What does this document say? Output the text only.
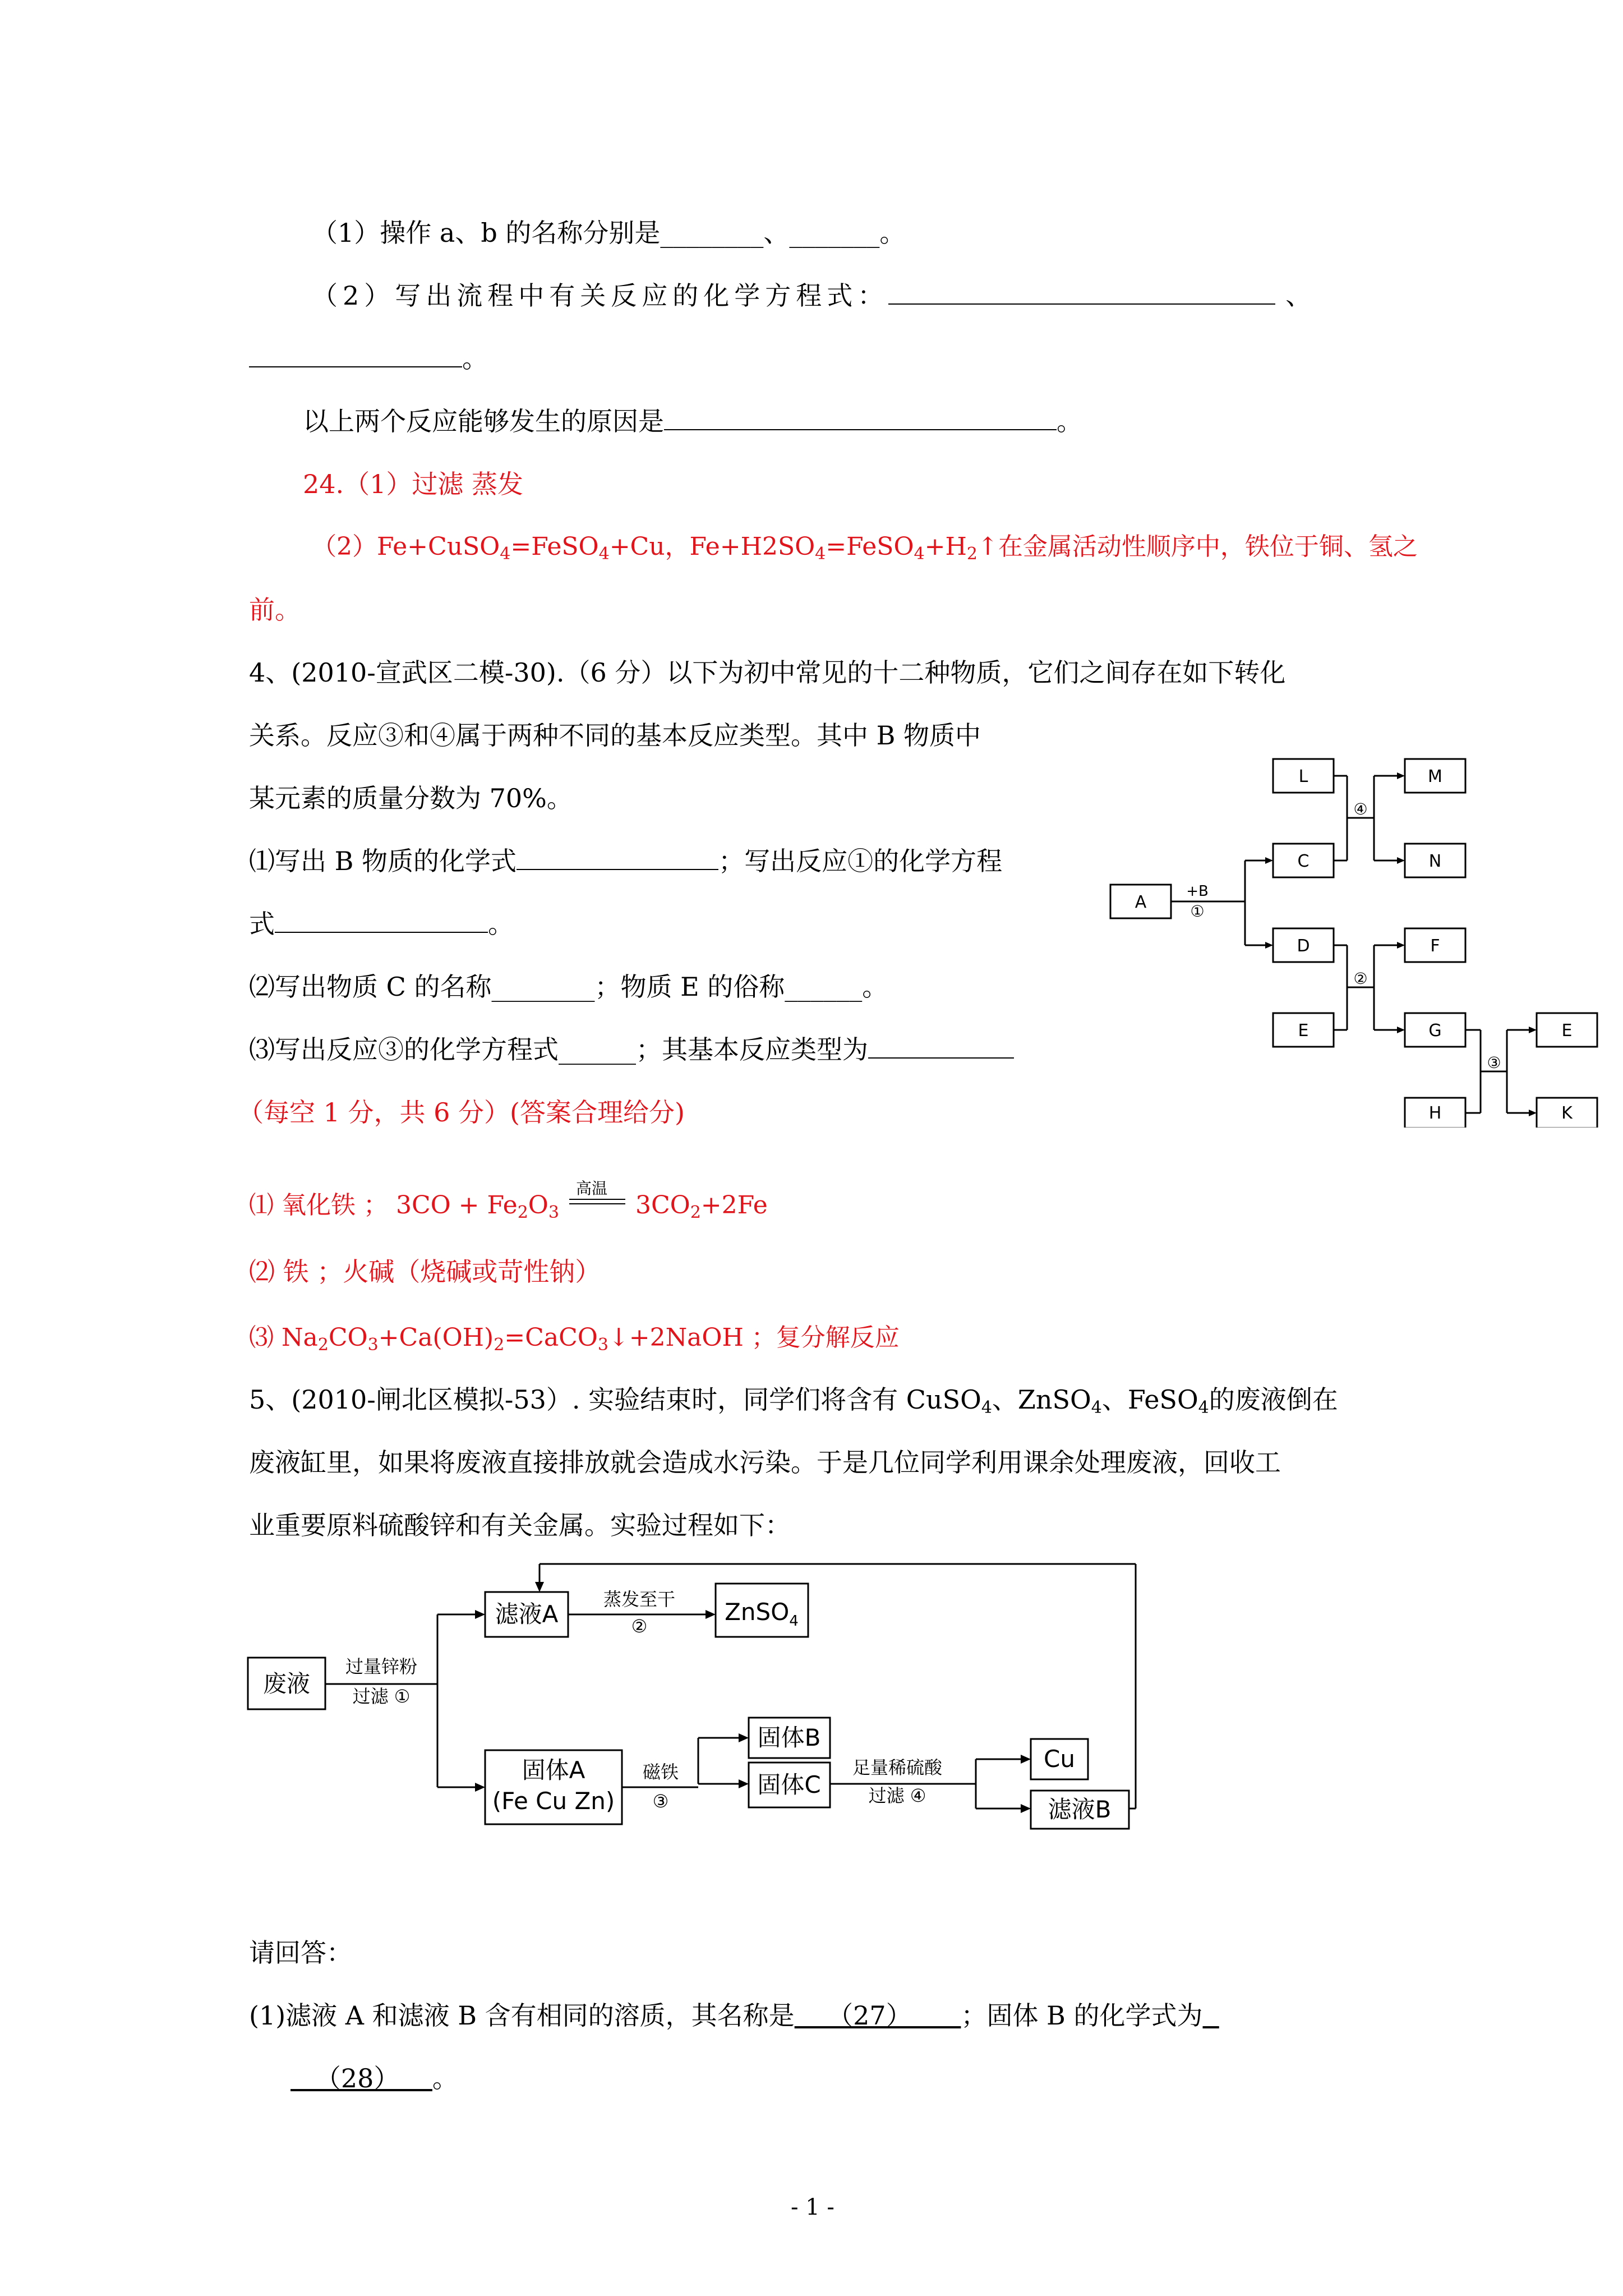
（1）操作 a、b 的名称分别是________、_______。
（2）写出流程中有关反应的化学方程式：	、
。
以上两个反应能够发生的原因是	。
24.（1）过滤 蒸发
（2）Fe+CuSO$_4$=FeSO$_4$+Cu，$Fe+H2SO_4=FeSO_4+H_2↑$在金属活动性顺序中，铁位于铜、氢之
前。
4、(2010-宣武区二模-30).（6 分）以下为初中常见的十二种物质，它们之间存在如下转化
关系。反应③和④属于两种不同的基本反应类型。其中 B 物质中
某元素的质量分数为 70%。
⑴写出 B 物质的化学式	；写出反应①的化学方程
式	。
⑵写出物质 C 的名称________；物质 E 的俗称______。
⑶写出反应③的化学方程式______；其基本反应类型为
（每空 1 分，共 6 分）(答案合理给分)
⑴ 氧化铁 ； $3CO + Fe_2O_3$
高温
$3CO_2+2Fe$
⑵ 铁 ；火碱（烧碱或苛性钠）
⑶ $Na_2CO_3+Ca(OH)_2=CaCO_3↓+2NaOH$ ；复分解反应
A
L
C
D
E
M
N
F
G	E
H	K
+B
①
④
②
③
5、(2010-闸北区模拟-53）. 实验结束时，同学们将含有 CuSO$_4$、ZnSO$_4$、FeSO$_4$的废液倒在
废液缸里，如果将废液直接排放就会造成水污染。于是几位同学利用课余处理废液，回收工
业重要原料硫酸锌和有关金属。实验过程如下：
废液
滤液A	ZnSO$_4$
固体A
(Fe Cu Zn)
固体B
固体C
Cu
滤液B
过量锌粉
过滤 ①
蒸发至干
②
磁铁
③
足量稀硫酸
过滤 ④
请回答：
(1)滤液 A 和滤液 B 含有相同的溶质，其名称是    （27）      ；固体 B 的化学式为
（28）    。
- 1 -
